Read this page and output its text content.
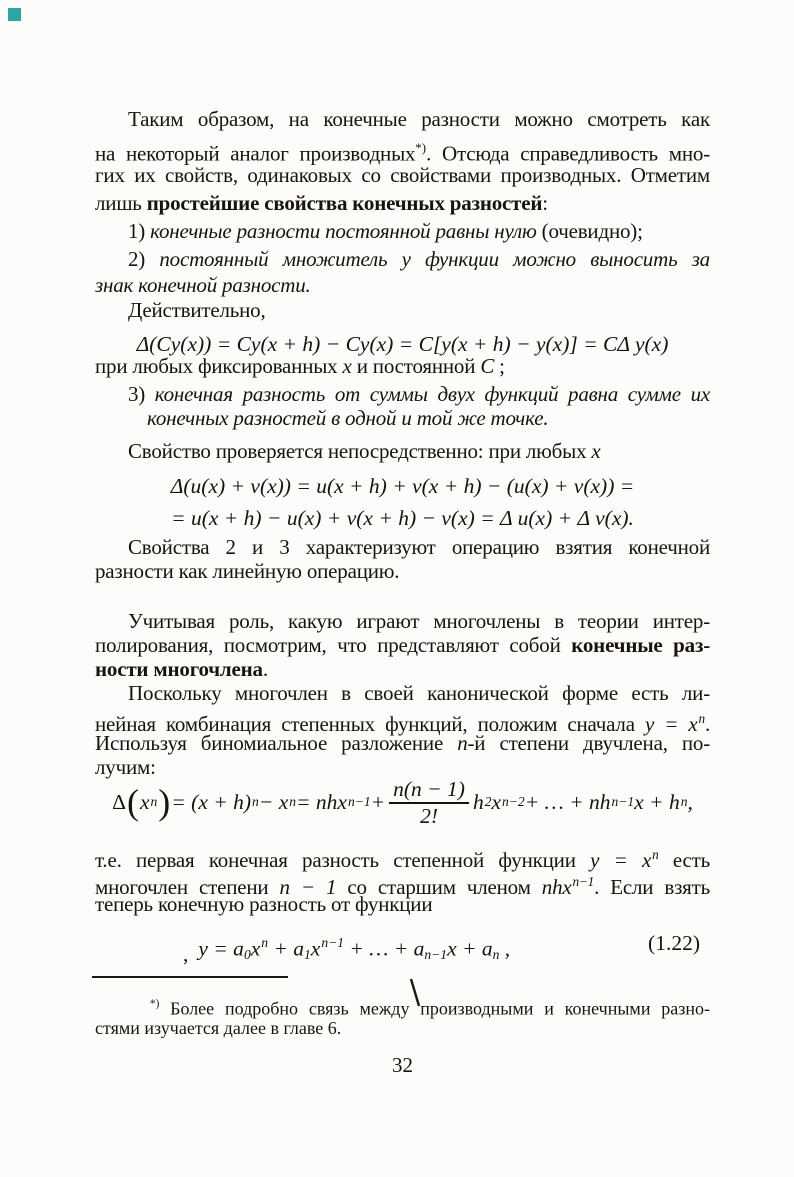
Таким образом, на конечные разности можно смотреть как
на некоторый аналог производных*). Отсюда справедливость мно-
гих их свойств, одинаковых со свойствами производных. Отметим
лишь простейшие свойства конечных разностей:
1) конечные разности постоянной равны нулю (очевидно);
2) постоянный множитель у функции можно выносить за
знак конечной разности.
Действительно,
Δ(Cy(x)) = Cy(x + h) − Cy(x) = C[y(x + h) − y(x)] = CΔ y(x)
при любых фиксированных x и постоянной C ;
3) конечная разность от суммы двух функций равна сумме их
конечных разностей в одной и той же точке.
Свойство проверяется непосредственно: при любых x
Δ(u(x) + v(x)) = u(x + h) + v(x + h) − (u(x) + v(x)) =
= u(x + h) − u(x) + v(x + h) − v(x) = Δ u(x) + Δ v(x).
Свойства 2 и 3 характеризуют операцию взятия конечной
разности как линейную операцию.
Учитывая роль, какую играют многочлены в теории интер-
полирования, посмотрим, что представляют собой конечные раз-
ности многочлена.
Поскольку многочлен в своей канонической форме есть ли-
нейная комбинация степенных функций, положим сначала $y = x^n$.
Используя биномиальное разложение n-й степени двучлена, по-
лучим:
Δ ( x n ) = (x + h) n − x n = nhx $n-1 + \frac{n(n - 1)}{2!}$ h 2 x n−2 + … + nh n−1 x + h n ,
т.е. первая конечная разность степенной функции $y = x^n$ есть
многочлен степени n − 1 со старшим членом nhx$^{n-1}$. Если взять
теперь конечную разность от функции
, $y = a_0x^n + a_1x^{n-1}$ + … + $a_{n-1}x + a_n$ ,	(1.22)
*) Более подробно связь между производными и конечными разно-
стями изучается далее в главе 6.
32
